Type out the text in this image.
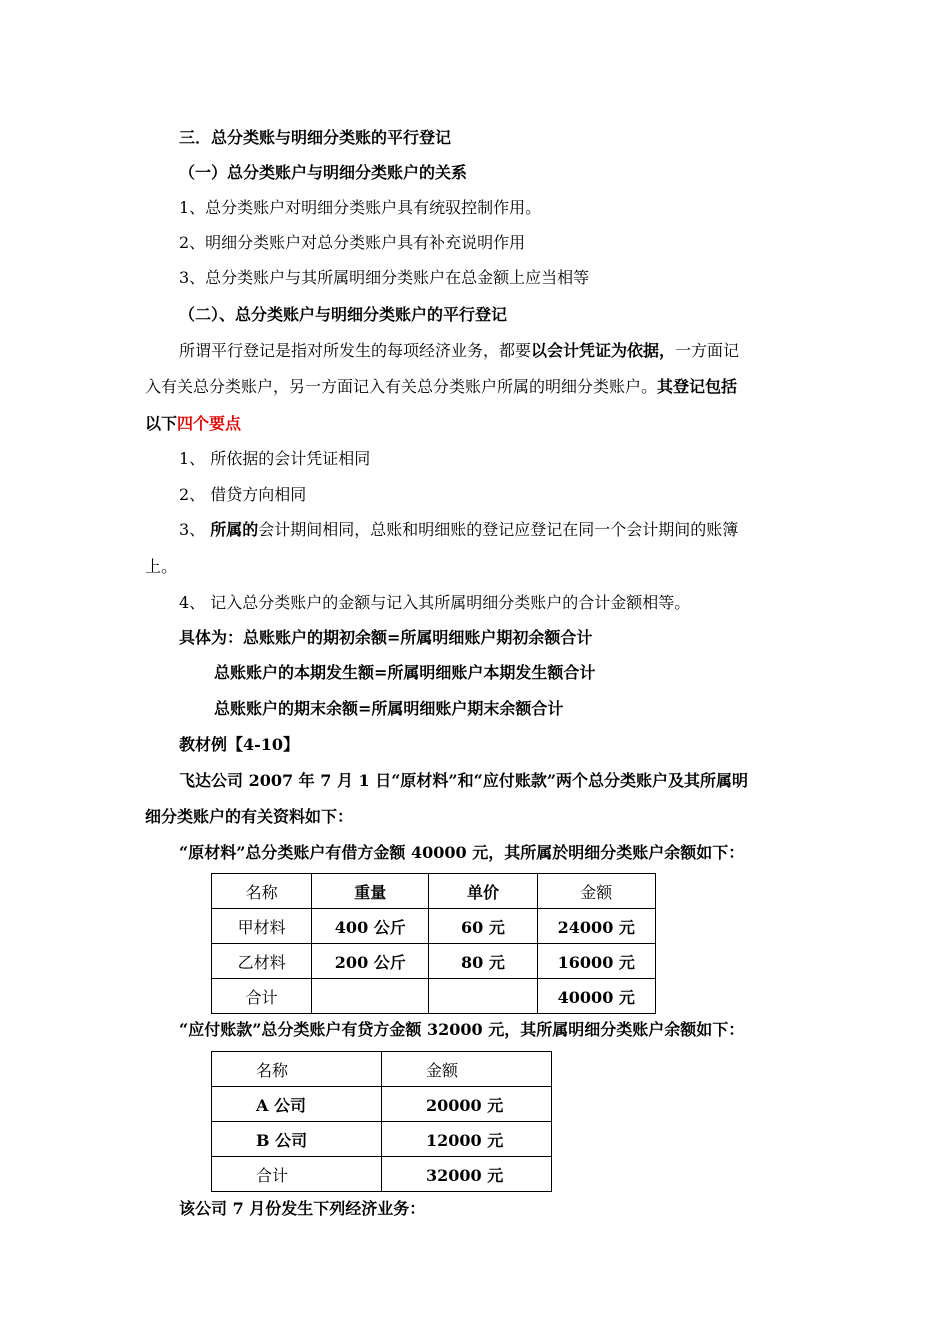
三．总分类账与明细分类账的平行登记
（一）总分类账户与明细分类账户的关系
1、总分类账户对明细分类账户具有统驭控制作用。
2、明细分类账户对总分类账户具有补充说明作用
3、总分类账户与其所属明细分类账户在总金额上应当相等
（二）、总分类账户与明细分类账户的平行登记
所谓平行登记是指对所发生的每项经济业务，都要以会计凭证为依据，一方面记
入有关总分类账户，另一方面记入有关总分类账户所属的明细分类账户。其登记包括
以下四个要点
1、 所依据的会计凭证相同
2、 借贷方向相同
3、 所属的会计期间相同，总账和明细账的登记应登记在同一个会计期间的账簿
上。
4、 记入总分类账户的金额与记入其所属明细分类账户的合计金额相等。
具体为：总账账户的期初余额=所属明细账户期初余额合计
总账账户的本期发生额=所属明细账户本期发生额合计
总账账户的期末余额=所属明细账户期末余额合计
教材例【4-10】
飞达公司 2007 年 7 月 1 日“原材料”和“应付账款”两个总分类账户及其所属明
细分类账户的有关资料如下：
“原材料”总分类账户有借方金额 40000 元，其所属於明细分类账户余额如下：
名称	重量	单价	金额
甲材料	400 公斤	60 元	24000 元
乙材料	200 公斤	80 元	16000 元
合计			40000 元
“应付账款”总分类账户有贷方金额 32000 元，其所属明细分类账户余额如下：
名称	金额
A 公司	20000 元
B 公司	12000 元
合计	32000 元
该公司 7 月份发生下列经济业务：
